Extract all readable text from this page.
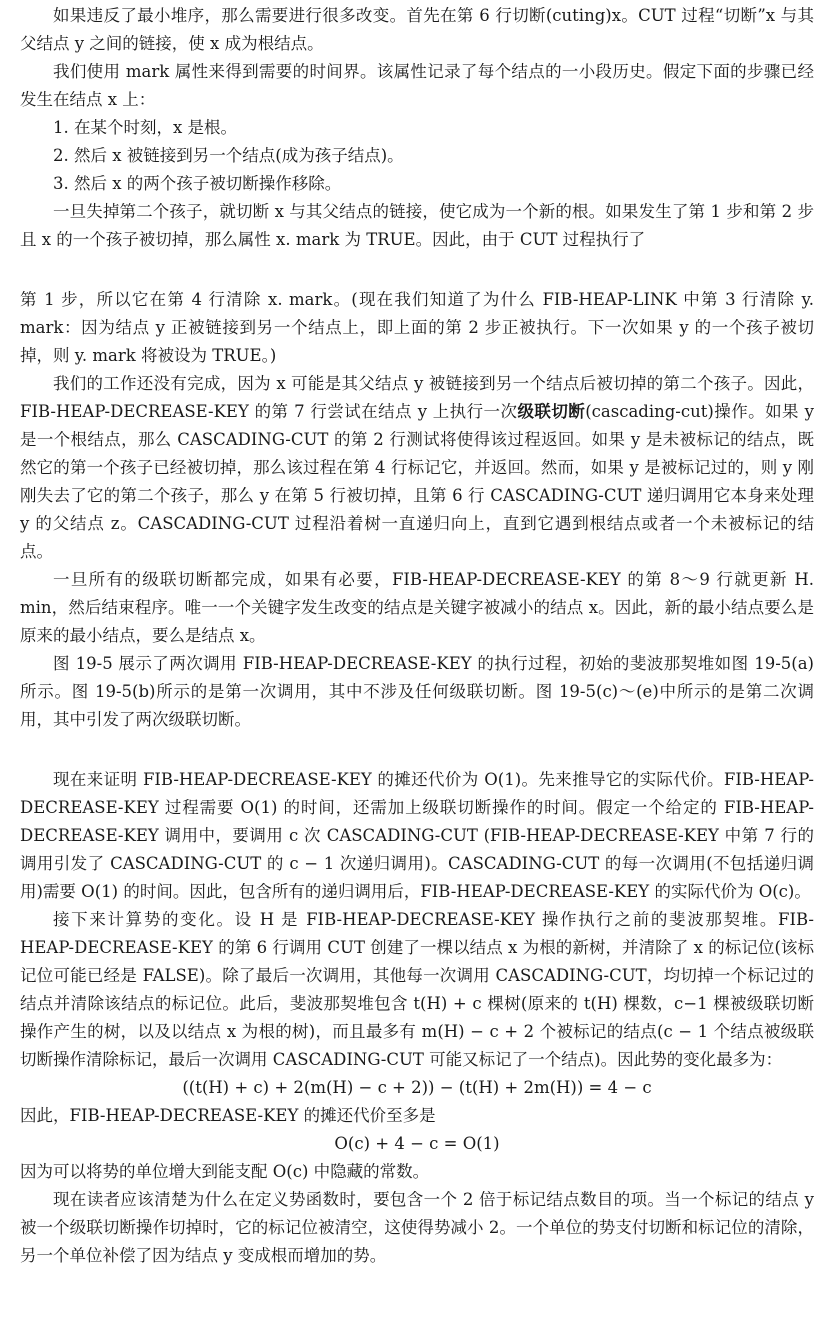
如果违反了最小堆序，那么需要进行很多改变。首先在第 6 行切断(cuting)x。CUT 过程“切断”x 与其父结点 y 之间的链接，使 x 成为根结点。

我们使用 mark 属性来得到需要的时间界。该属性记录了每个结点的一小段历史。假定下面的步骤已经发生在结点 x 上：

1. 在某个时刻，x 是根。

2. 然后 x 被链接到另一个结点(成为孩子结点)。

3. 然后 x 的两个孩子被切断操作移除。

一旦失掉第二个孩子，就切断 x 与其父结点的链接，使它成为一个新的根。如果发生了第 1 步和第 2 步且 x 的一个孩子被切掉，那么属性 x. mark 为 TRUE。因此，由于 CUT 过程执行了

第 1 步，所以它在第 4 行清除 x. mark。(现在我们知道了为什么 FIB-HEAP-LINK 中第 3 行清除 y. mark：因为结点 y 正被链接到另一个结点上，即上面的第 2 步正被执行。下一次如果 y 的一个孩子被切掉，则 y. mark 将被设为 TRUE。)

我们的工作还没有完成，因为 x 可能是其父结点 y 被链接到另一个结点后被切掉的第二个孩子。因此，FIB-HEAP-DECREASE-KEY 的第 7 行尝试在结点 y 上执行一次级联切断(cascading-cut)操作。如果 y 是一个根结点，那么 CASCADING-CUT 的第 2 行测试将使得该过程返回。如果 y 是未被标记的结点，既然它的第一个孩子已经被切掉，那么该过程在第 4 行标记它，并返回。然而，如果 y 是被标记过的，则 y 刚刚失去了它的第二个孩子，那么 y 在第 5 行被切掉，且第 6 行 CASCADING-CUT 递归调用它本身来处理 y 的父结点 z。CASCADING-CUT 过程沿着树一直递归向上，直到它遇到根结点或者一个未被标记的结点。

一旦所有的级联切断都完成，如果有必要，FIB-HEAP-DECREASE-KEY 的第 8～9 行就更新 H. min，然后结束程序。唯一一个关键字发生改变的结点是关键字被减小的结点 x。因此，新的最小结点要么是原来的最小结点，要么是结点 x。

图 19-5 展示了两次调用 FIB-HEAP-DECREASE-KEY 的执行过程，初始的斐波那契堆如图 19-5(a)所示。图 19-5(b)所示的是第一次调用，其中不涉及任何级联切断。图 19-5(c)～(e)中所示的是第二次调用，其中引发了两次级联切断。

现在来证明 FIB-HEAP-DECREASE-KEY 的摊还代价为 O(1)。先来推导它的实际代价。FIB-HEAP-DECREASE-KEY 过程需要 O(1) 的时间，还需加上级联切断操作的时间。假定一个给定的 FIB-HEAP-DECREASE-KEY 调用中，要调用 c 次 CASCADING-CUT (FIB-HEAP-DECREASE-KEY 中第 7 行的调用引发了 CASCADING-CUT 的 c − 1 次递归调用)。CASCADING-CUT 的每一次调用(不包括递归调用)需要 O(1) 的时间。因此，包含所有的递归调用后，FIB-HEAP-DECREASE-KEY 的实际代价为 O(c)。

接下来计算势的变化。设 H 是 FIB-HEAP-DECREASE-KEY 操作执行之前的斐波那契堆。FIB-HEAP-DECREASE-KEY 的第 6 行调用 CUT 创建了一棵以结点 x 为根的新树，并清除了 x 的标记位(该标记位可能已经是 FALSE)。除了最后一次调用，其他每一次调用 CASCADING-CUT，均切掉一个标记过的结点并清除该结点的标记位。此后，斐波那契堆包含 t(H) + c 棵树(原来的 t(H) 棵数，c−1 棵被级联切断操作产生的树，以及以结点 x 为根的树)，而且最多有 m(H) − c + 2 个被标记的结点(c − 1 个结点被级联切断操作清除标记，最后一次调用 CASCADING-CUT 可能又标记了一个结点)。因此势的变化最多为：

((t(H) + c) + 2(m(H) − c + 2)) − (t(H) + 2m(H)) = 4 − c

因此，FIB-HEAP-DECREASE-KEY 的摊还代价至多是

O(c) + 4 − c = O(1)

因为可以将势的单位增大到能支配 O(c) 中隐藏的常数。

现在读者应该清楚为什么在定义势函数时，要包含一个 2 倍于标记结点数目的项。当一个标记的结点 y 被一个级联切断操作切掉时，它的标记位被清空，这使得势减小 2。一个单位的势支付切断和标记位的清除，另一个单位补偿了因为结点 y 变成根而增加的势。
